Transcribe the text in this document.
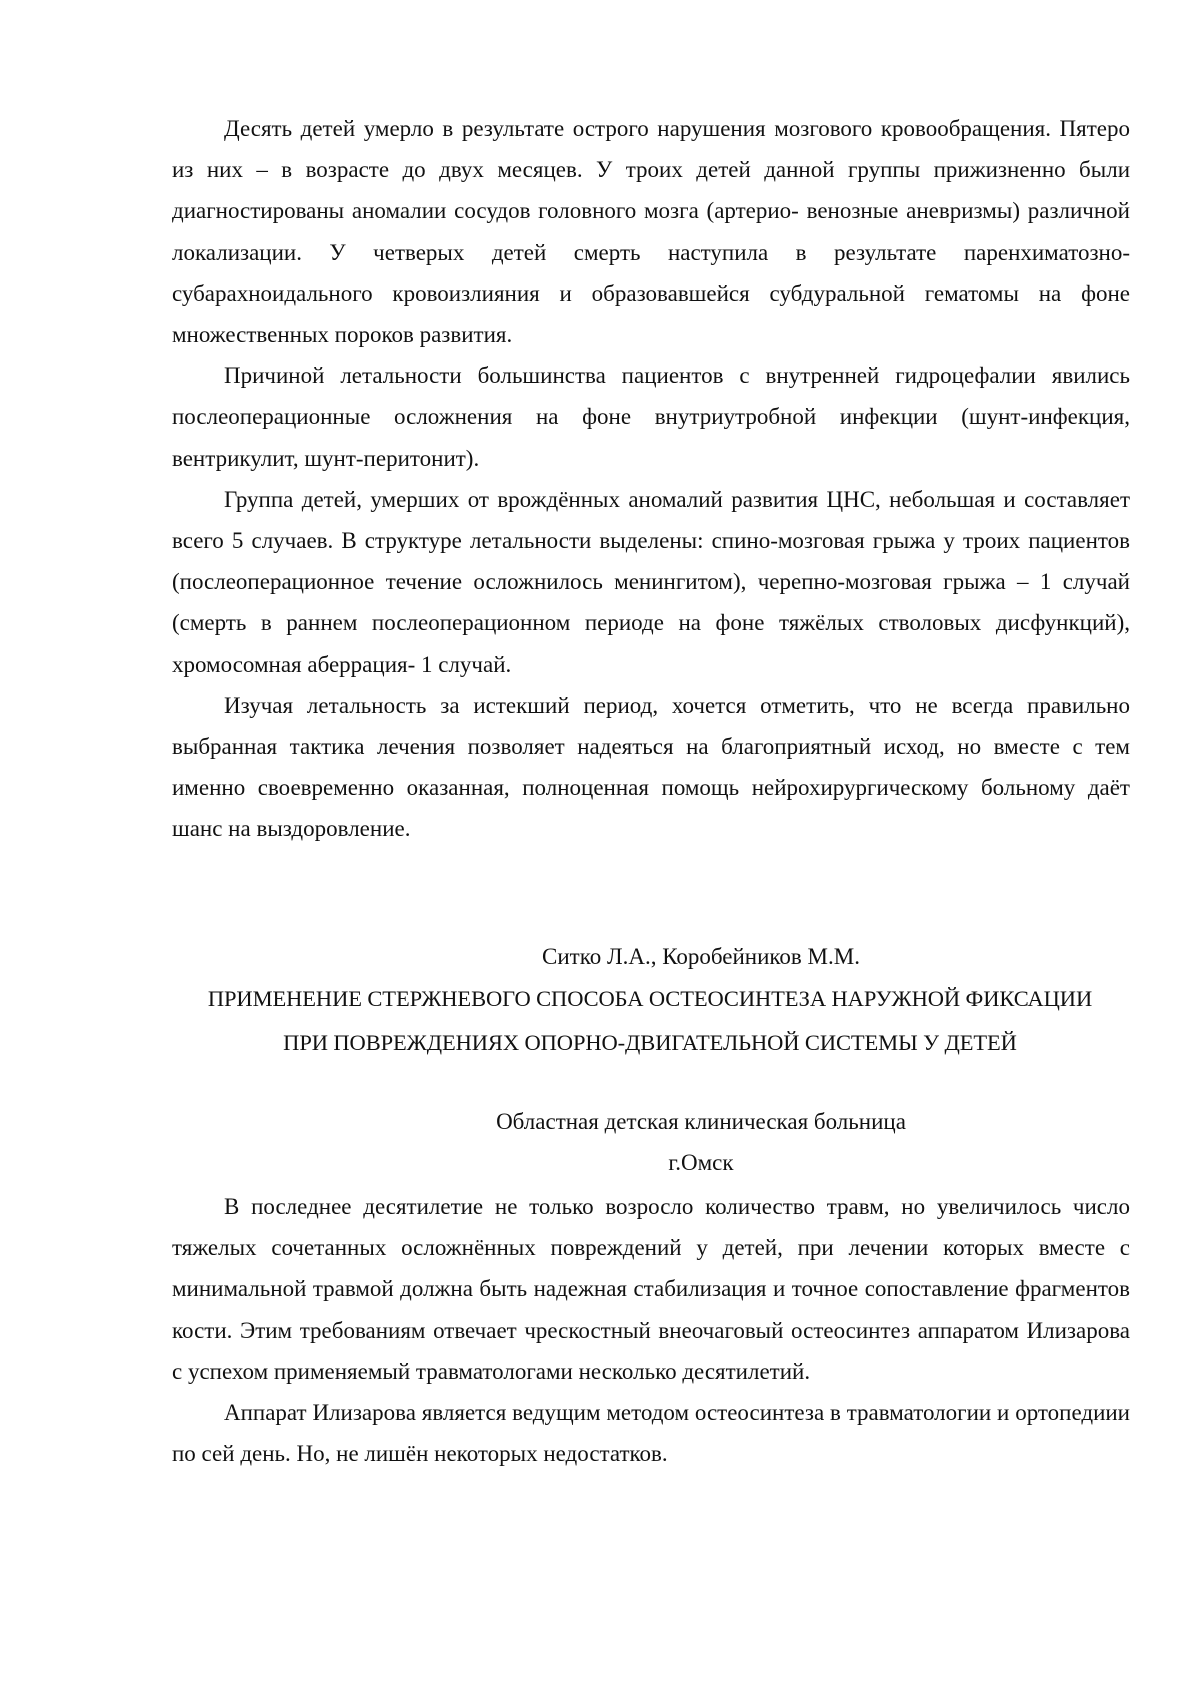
Десять детей умерло в результате острого нарушения мозгового кровообращения. Пятеро из них – в возрасте до двух месяцев. У троих детей данной группы прижизненно были диагностированы аномалии сосудов головного мозга (артерио- венозные аневризмы) различной локализации. У четверых детей смерть наступила в результате паренхиматозно-субарахноидального кровоизлияния и образовавшейся субдуральной гематомы на фоне множественных пороков развития.

Причиной летальности большинства пациентов с внутренней гидроцефалии явились послеоперационные осложнения на фоне внутриутробной инфекции (шунт-инфекция, вентрикулит, шунт-перитонит).

Группа детей, умерших от врождённых аномалий развития ЦНС, небольшая и составляет всего 5 случаев. В структуре летальности выделены: спино-мозговая грыжа у троих пациентов (послеоперационное течение осложнилось менингитом), черепно-мозговая грыжа – 1 случай (смерть в раннем послеоперационном периоде на фоне тяжёлых стволовых дисфункций), хромосомная аберрация- 1 случай.

Изучая летальность за истекший период, хочется отметить, что не всегда правильно выбранная тактика лечения позволяет надеяться на благоприятный исход, но вместе с тем именно своевременно оказанная, полноценная помощь нейрохирургическому больному даёт шанс на выздоровление.

Ситко Л.А., Коробейников М.М.
ПРИМЕНЕНИЕ СТЕРЖНЕВОГО СПОСОБА ОСТЕОСИНТЕЗА НАРУЖНОЙ ФИКСАЦИИ ПРИ ПОВРЕЖДЕНИЯХ ОПОРНО-ДВИГАТЕЛЬНОЙ СИСТЕМЫ У ДЕТЕЙ
Областная детская клиническая больница
г.Омск

В последнее десятилетие не только возросло количество травм, но увеличилось число тяжелых сочетанных осложнённых повреждений у детей, при лечении которых вместе с минимальной травмой должна быть надежная стабилизация и точное сопоставление фрагментов кости. Этим требованиям отвечает чрескостный внеочаговый остеосинтез аппаратом Илизарова с успехом применяемый травматологами несколько десятилетий.

Аппарат Илизарова является ведущим методом остеосинтеза в травматологии и ортопедиии по сей день. Но, не лишён некоторых недостатков.
